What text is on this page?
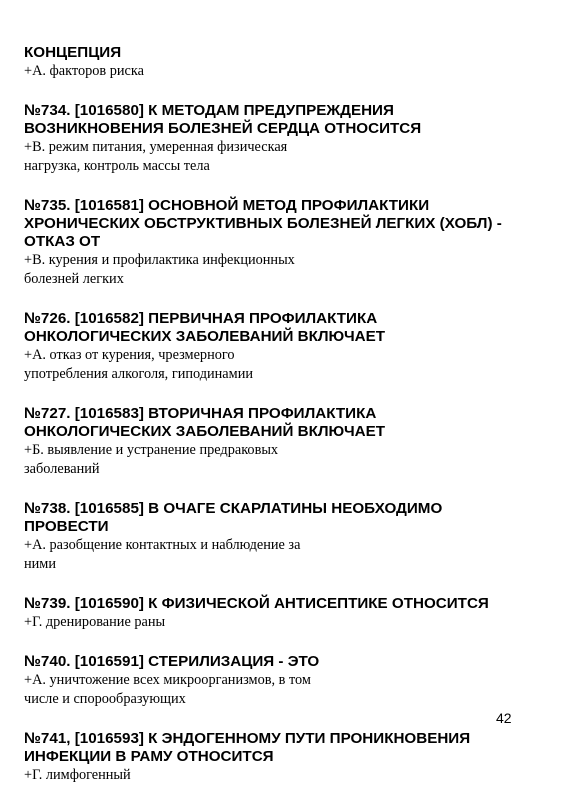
КОНЦЕПЦИЯ
+А. факторов риска
№734. [1016580] К МЕТОДАМ ПРЕДУПРЕЖДЕНИЯ
ВОЗНИКНОВЕНИЯ БОЛЕЗНЕЙ СЕРДЦА ОТНОСИТСЯ
+В. режим питания, умеренная физическая
нагрузка, контроль массы тела
№735. [1016581] ОСНОВНОЙ МЕТОД ПРОФИЛАКТИКИ
ХРОНИЧЕСКИХ ОБСТРУКТИВНЫХ БОЛЕЗНЕЙ ЛЕГКИХ (ХОБЛ) -
ОТКАЗ ОТ
+В. курения и профилактика инфекционных
болезней легких
№726. [1016582] ПЕРВИЧНАЯ ПРОФИЛАКТИКА
ОНКОЛОГИЧЕСКИХ ЗАБОЛЕВАНИЙ ВКЛЮЧАЕТ
+А. отказ от курения, чрезмерного
употребления алкоголя, гиподинамии
№727. [1016583] ВТОРИЧНАЯ ПРОФИЛАКТИКА
ОНКОЛОГИЧЕСКИХ ЗАБОЛЕВАНИЙ ВКЛЮЧАЕТ
+Б. выявление и устранение предраковых
заболеваний
№738. [1016585] В ОЧАГЕ СКАРЛАТИНЫ НЕОБХОДИМО
ПРОВЕСТИ
+А. разобщение контактных и наблюдение за
ними
№739. [1016590] К ФИЗИЧЕСКОЙ АНТИСЕПТИКЕ ОТНОСИТСЯ
+Г. дренирование раны
№740. [1016591] СТЕРИЛИЗАЦИЯ - ЭТО
+А. уничтожение всех микроорганизмов, в том
числе и спорообразующих
№741, [1016593] К ЭНДОГЕННОМУ ПУТИ ПРОНИКНОВЕНИЯ
ИНФЕКЦИИ В РАМУ ОТНОСИТСЯ
+Г. лимфогенный
42
